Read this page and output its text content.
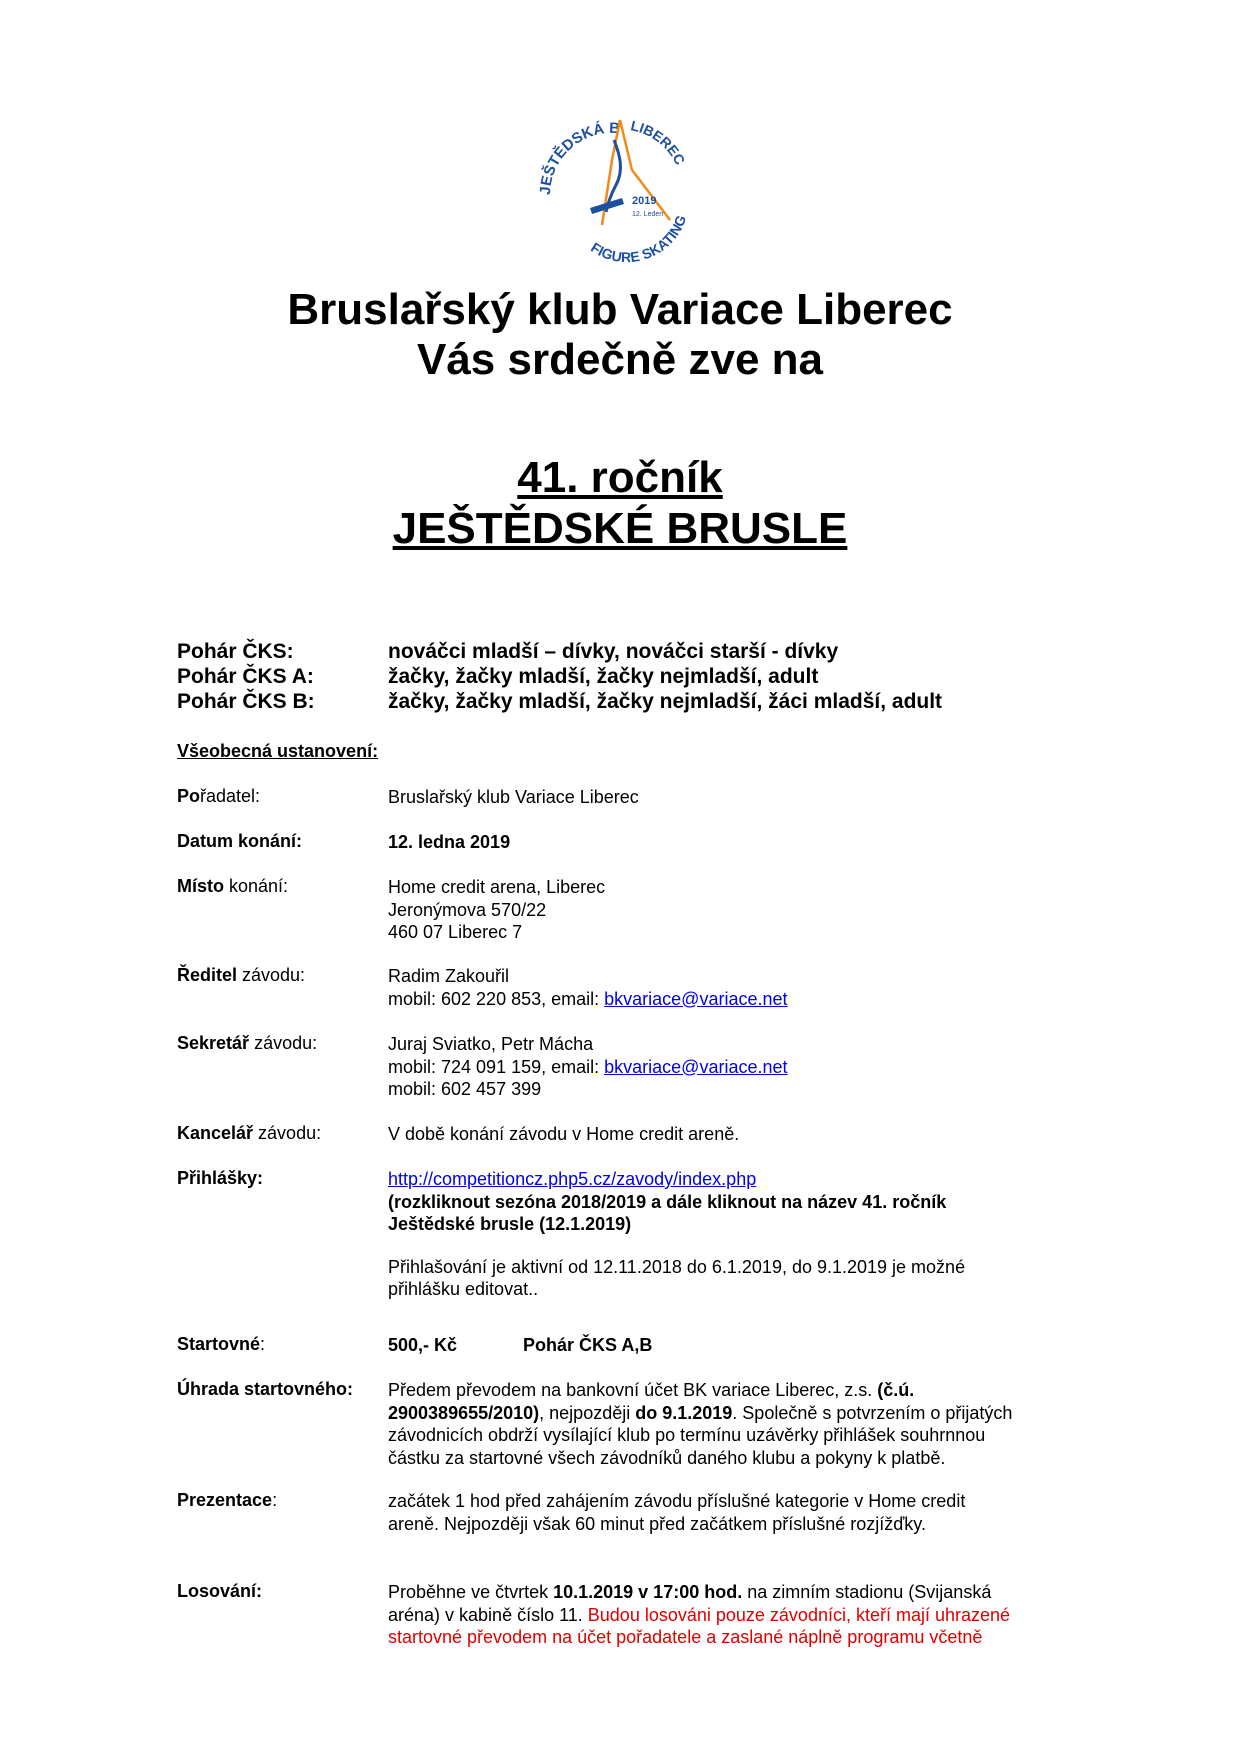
JEŠTĚDSKÁ B LIBEREC
FIGURE SKATING
2019
12. Leden
Bruslařský klub Variace Liberec
Vás srdečně zve na
41. ročník
JEŠTĚDSKÉ BRUSLE
Pohár ČKS:	nováčci mladší – dívky, nováčci starší - dívky
Pohár ČKS A:	žačky, žačky mladší, žačky nejmladší, adult
Pohár ČKS B:	žačky, žačky mladší, žačky nejmladší, žáci mladší, adult
Všeobecná ustanovení:
Pořadatel:	Bruslařský klub Variace Liberec
Datum konání:	12. ledna 2019
Místo konání:	Home credit arena, Liberec
Jeronýmova 570/22
460 07 Liberec 7
Ředitel závodu:	Radim Zakouřil
mobil: 602 220 853, email: bkvariace@variace.net
Sekretář závodu:	Juraj Sviatko, Petr Mácha
mobil: 724 091 159, email: bkvariace@variace.net
mobil: 602 457 399
Kancelář závodu:	V době konání závodu v Home credit areně.
Přihlášky:	http://competitioncz.php5.cz/zavody/index.php
(rozkliknout sezóna 2018/2019 a dále kliknout na název 41. ročník
Ještědské brusle (12.1.2019)
Přihlašování je aktivní od 12.11.2018 do 6.1.2019, do 9.1.2019 je možné
přihlášku editovat..
Startovné:	500,- Kč	Pohár ČKS A,B
Úhrada startovného: Předem převodem na bankovní účet BK variace Liberec, z.s. (č.ú.
2900389655/2010), nejpozději do 9.1.2019. Společně s potvrzením o přijatých
závodnicích obdrží vysílající klub po termínu uzávěrky přihlášek souhrnnou
částku za startovné všech závodníků daného klubu a pokyny k platbě.
Prezentace:	začátek 1 hod před zahájením závodu příslušné kategorie v Home credit
areně. Nejpozději však 60 minut před začátkem příslušné rozjížďky.
Losování:	Proběhne ve čtvrtek 10.1.2019 v 17:00 hod. na zimním stadionu (Svijanská
aréna) v kabině číslo 11. Budou losováni pouze závodníci, kteří mají uhrazené
startovné převodem na účet pořadatele a zaslané náplně programu včetně
